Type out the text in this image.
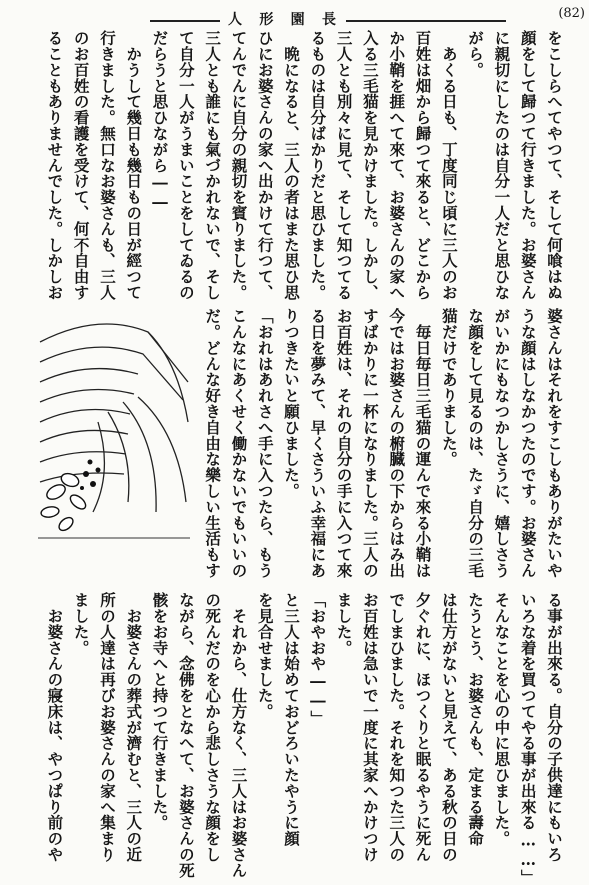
人 形 園 長	(82)
をこしらへてやつて、そして何喰はぬ
顔をして歸つて行きました。お婆さん
に親切にしたのは自分一人だと思ひな
がら。
　あくる日も、丁度同じ頃に三人のお
百姓は畑から歸つて來ると、どこから
か小鞘を捱へて來て、お婆さんの家へ
入る三毛猫を見かけました。しかし、
三人とも別々に見て、そして知つてる
るものは自分ばかりだと思ひました。
　晩になると、三人の者はまた思ひ思
ひにお婆さんの家へ出かけて行つて、
てんでんに自分の親切を賓りました。
三人とも誰にも氣づかれないで、そし
て自分一人がうまいことをしてゐるの
だらうと思ひながら――
　かうして幾日も幾日もの日が經つて
行きました。無口なお婆さんも、三人
のお百姓の看護を受けて、何不自由す
ることもありませんでした。しかしお
婆さんはそれをすこしもありがたいや
うな顔はしなかつたのです。お婆さん
がいかにもなつかしさうに、嬉しさう
な顔をして見るのは、たゞ自分の三毛
猫だけでありました。
　毎日毎日三毛猫の運んで來る小鞘は
今ではお婆さんの椨臓の下からはみ出
すばかりに一杯になりました。三人の
お百姓は、それの自分の手に入つて來
る日を夢みて、早くさういふ幸福にあ
りつきたいと願ひました。
「おれはあれさへ手に入つたら、もう
こんなにあくせく働かないでもいいの
だ。どんな好き自由な樂しい生活もす
る事が出來る。自分の子供達にもいろ
いろな着を買つてやる事が出來る……」
そんなことを心の中に思ひました。
たうとう、お婆さんも、定まる壽命
は仕方がないと見えて、ある秋の日の
夕ぐれに、ほつくりと眠るやうに死ん
でしまひました。それを知つた三人の
お百姓は急いで一度に其家へかけつけ
ました。
「おやおや――」
と三人は始めておどろいたやうに顔
を見合せました。
　それから、仕方なく、三人はお婆さん
の死んだのを心から悲しさうな顔をし
ながら、念佛をとなへて、お婆さんの死
骸をお寺へと持つて行きました。
　お婆さんの葬式が濟むと、三人の近
所の人達は再びお婆さんの家へ集まり
ました。
　お婆さんの寢床は、やつぱり前のや
